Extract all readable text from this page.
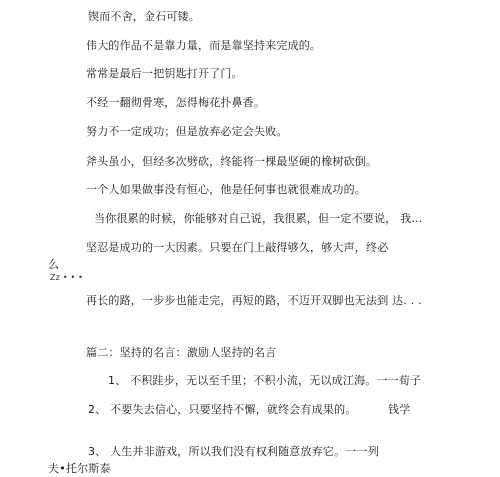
锲而不舍，金石可镂。
伟大的作品不是靠力量，而是靠坚持来完成的。
常常是最后一把钥匙打开了门。
不经一翻彻骨寒，怎得梅花扑鼻香。
努力不一定成功；但是放弃必定会失败。
斧头虽小，但经多次劈砍，终能将一棵最坚硬的橡树砍倒。
一个人如果做事没有恒心，他是任何事也就很难成功的。
当你很累的时候，你能够对自己说，我很累，但一定不要说， 我…
坚忍是成功的一大因素。只要在门上敲得够久，够大声，终必
么
Zz • • •
再长的路，一步步也能走完，再短的路，不迈开双脚也无法到 达. . .
篇二：坚持的名言：激励人坚持的名言
1、 不积跬步，无以至千里；不积小流，无以成江海。一一荀子
2、 不要失去信心，只要坚持不懈，就终会有成果的。	钱学
3、 人生并非游戏，所以我们没有权利随意放弃它。一一列
夫•托尔斯泰
